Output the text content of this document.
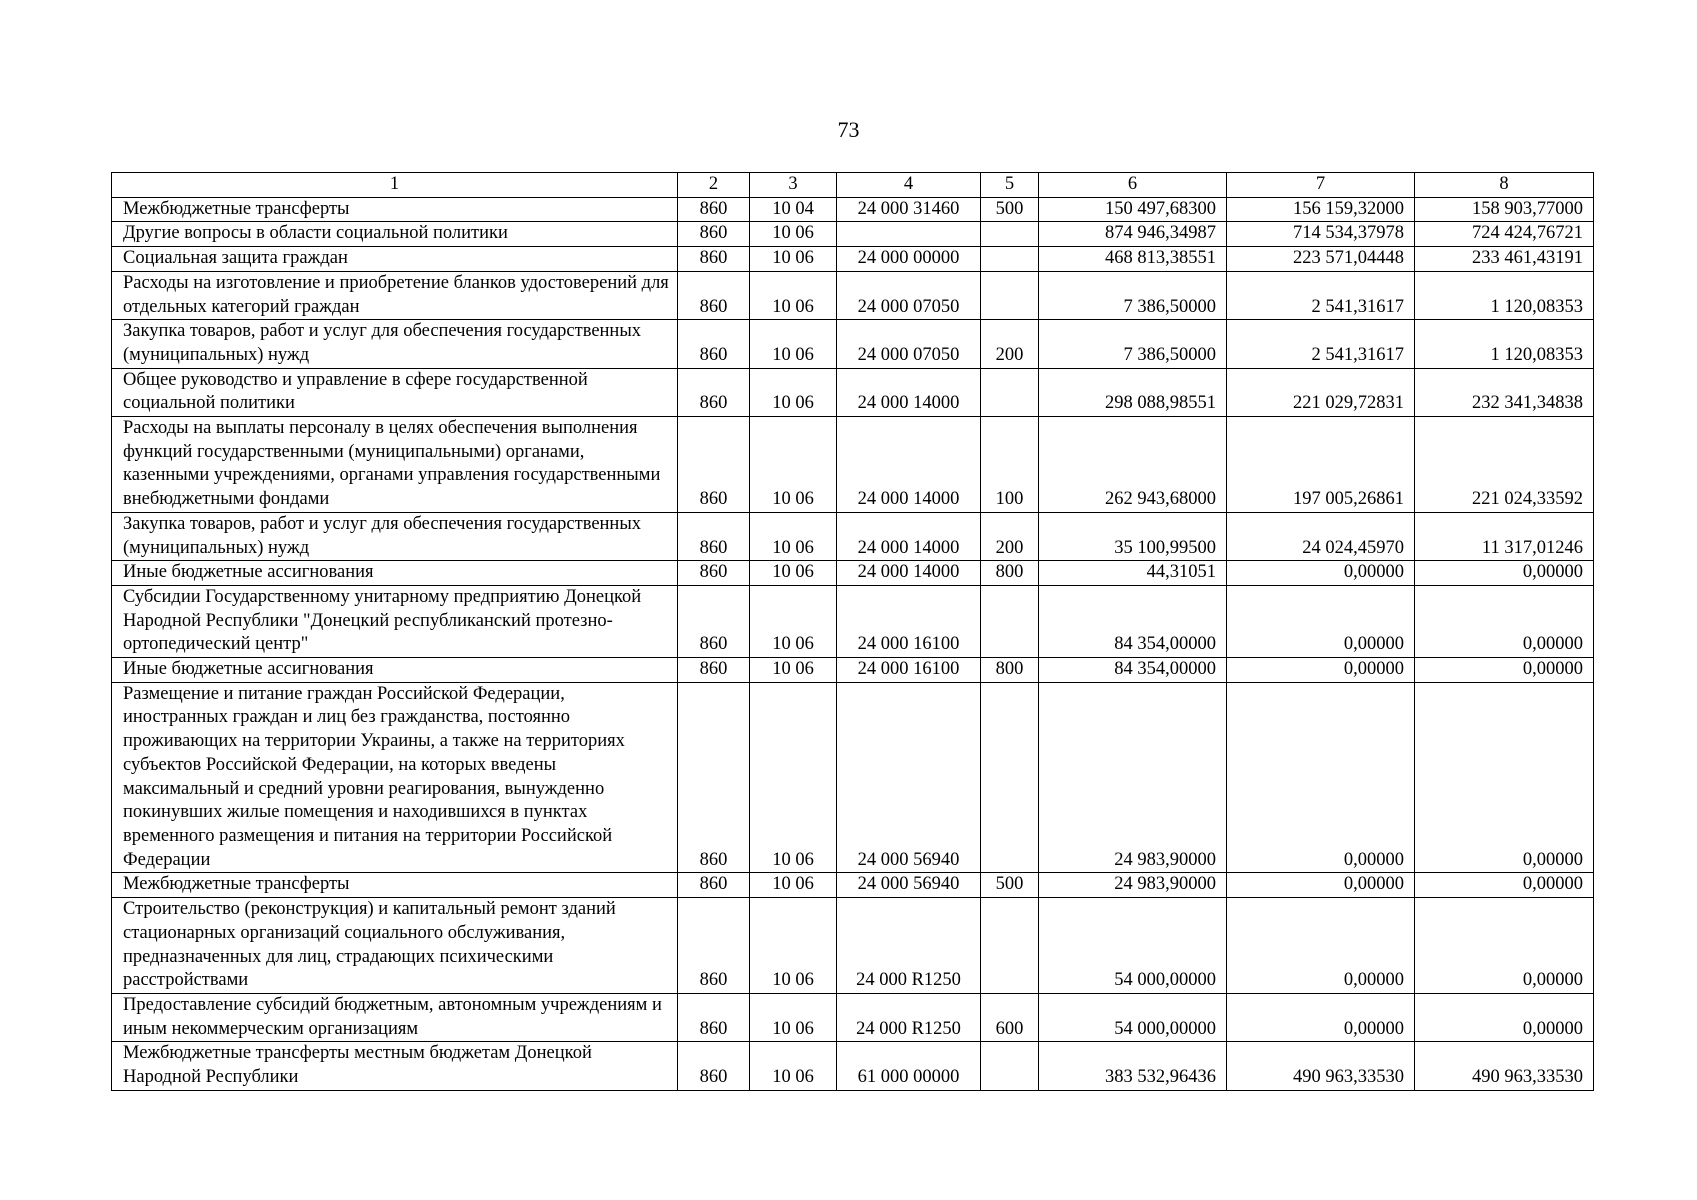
73
1	2	3	4	5	6	7	8
Межбюджетные трансферты	860	10 04	24 000 31460	500	150 497,68300	156 159,32000	158 903,77000
Другие вопросы в области социальной политики	860	10 06			874 946,34987	714 534,37978	724 424,76721
Социальная защита граждан	860	10 06	24 000 00000		468 813,38551	223 571,04448	233 461,43191
Расходы на изготовление и приобретение бланков удостоверений для отдельных категорий граждан	860	10 06	24 000 07050		7 386,50000	2 541,31617	1 120,08353
Закупка товаров, работ и услуг для обеспечения государственных (муниципальных) нужд	860	10 06	24 000 07050	200	7 386,50000	2 541,31617	1 120,08353
Общее руководство и управление в сфере государственной социальной политики	860	10 06	24 000 14000		298 088,98551	221 029,72831	232 341,34838
Расходы на выплаты персоналу в целях обеспечения выполнения функций государственными (муниципальными) органами, казенными учреждениями, органами управления государственными внебюджетными фондами	860	10 06	24 000 14000	100	262 943,68000	197 005,26861	221 024,33592
Закупка товаров, работ и услуг для обеспечения государственных (муниципальных) нужд	860	10 06	24 000 14000	200	35 100,99500	24 024,45970	11 317,01246
Иные бюджетные ассигнования	860	10 06	24 000 14000	800	44,31051	0,00000	0,00000
Субсидии Государственному унитарному предприятию Донецкой Народной Республики "Донецкий республиканский протезно-ортопедический центр"	860	10 06	24 000 16100		84 354,00000	0,00000	0,00000
Иные бюджетные ассигнования	860	10 06	24 000 16100	800	84 354,00000	0,00000	0,00000
Размещение и питание граждан Российской Федерации, иностранных граждан и лиц без гражданства, постоянно проживающих на территории Украины, а также на территориях субъектов Российской Федерации, на которых введены максимальный и средний уровни реагирования, вынужденно покинувших жилые помещения и находившихся в пунктах временного размещения и питания на территории Российской Федерации	860	10 06	24 000 56940		24 983,90000	0,00000	0,00000
Межбюджетные трансферты	860	10 06	24 000 56940	500	24 983,90000	0,00000	0,00000
Строительство (реконструкция) и капитальный ремонт зданий стационарных организаций социального обслуживания, предназначенных для лиц, страдающих психическими расстройствами	860	10 06	24 000 R1250		54 000,00000	0,00000	0,00000
Предоставление субсидий бюджетным, автономным учреждениям и иным некоммерческим организациям	860	10 06	24 000 R1250	600	54 000,00000	0,00000	0,00000
Межбюджетные трансферты местным бюджетам Донецкой Народной Республики	860	10 06	61 000 00000		383 532,96436	490 963,33530	490 963,33530
